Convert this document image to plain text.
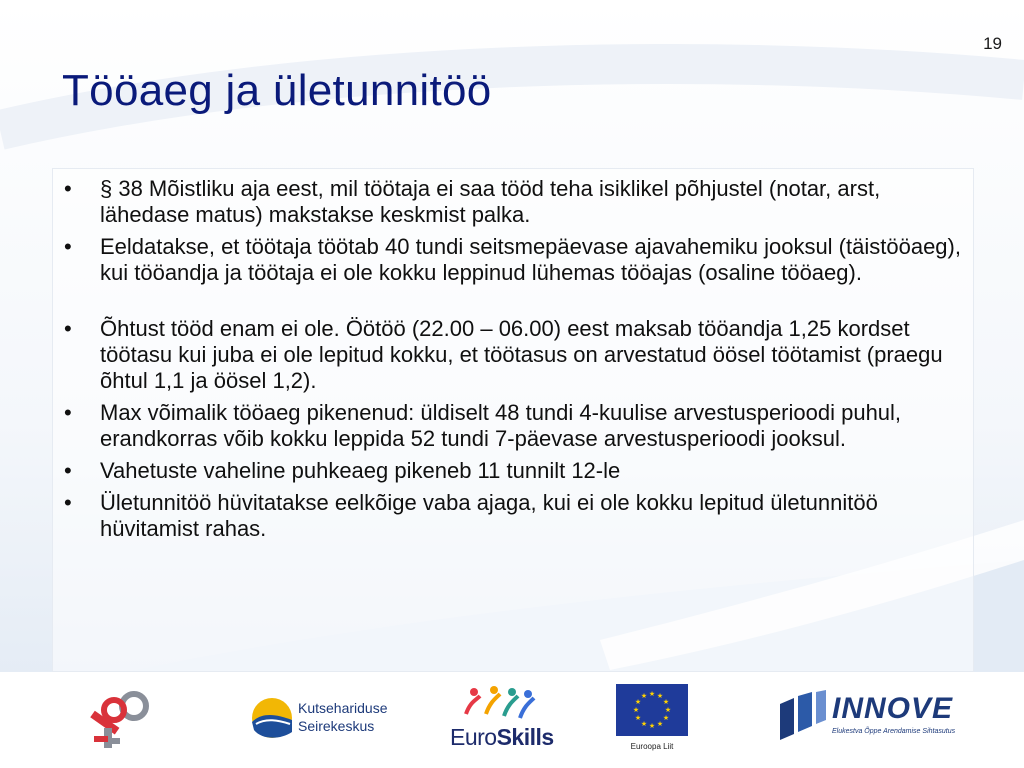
19
Tööaeg ja ületunnitöö
• § 38 Mõistliku aja eest, mil töötaja ei saa tööd teha isiklikel põhjustel (notar, arst, lähedase matus) makstakse keskmist palka.
• Eeldatakse, et töötaja töötab 40 tundi seitsmepäevase ajavahemiku jooksul (täistööaeg), kui tööandja ja töötaja ei ole kokku leppinud lühemas tööajas (osaline tööaeg).
• Õhtust tööd enam ei ole. Öötöö (22.00 – 06.00) eest maksab tööandja 1,25 kordset töötasu kui juba ei ole lepitud kokku, et töötasus on arvestatud öösel töötamist (praegu õhtul 1,1 ja öösel 1,2).
• Max võimalik tööaeg pikenenud: üldiselt 48 tundi 4-kuulise arvestusperioodi puhul, erandkorras võib kokku leppida 52 tundi 7-päevase arvestusperioodi jooksul.
• Vahetuste vaheline puhkeaeg pikeneb 11 tunnilt 12-le
• Ületunnitöö hüvitatakse eelkõige vaba ajaga, kui ei ole kokku lepitud ületunnitöö hüvitamist rahas.
Kutsehariduse
Seirekeskus	EuroSkills
★ ★
★
★
★
★
★
★
★
★
★
★
Euroopa Liit
INNOVE
Elukestva Õppe Arendamise Sihtasutus
